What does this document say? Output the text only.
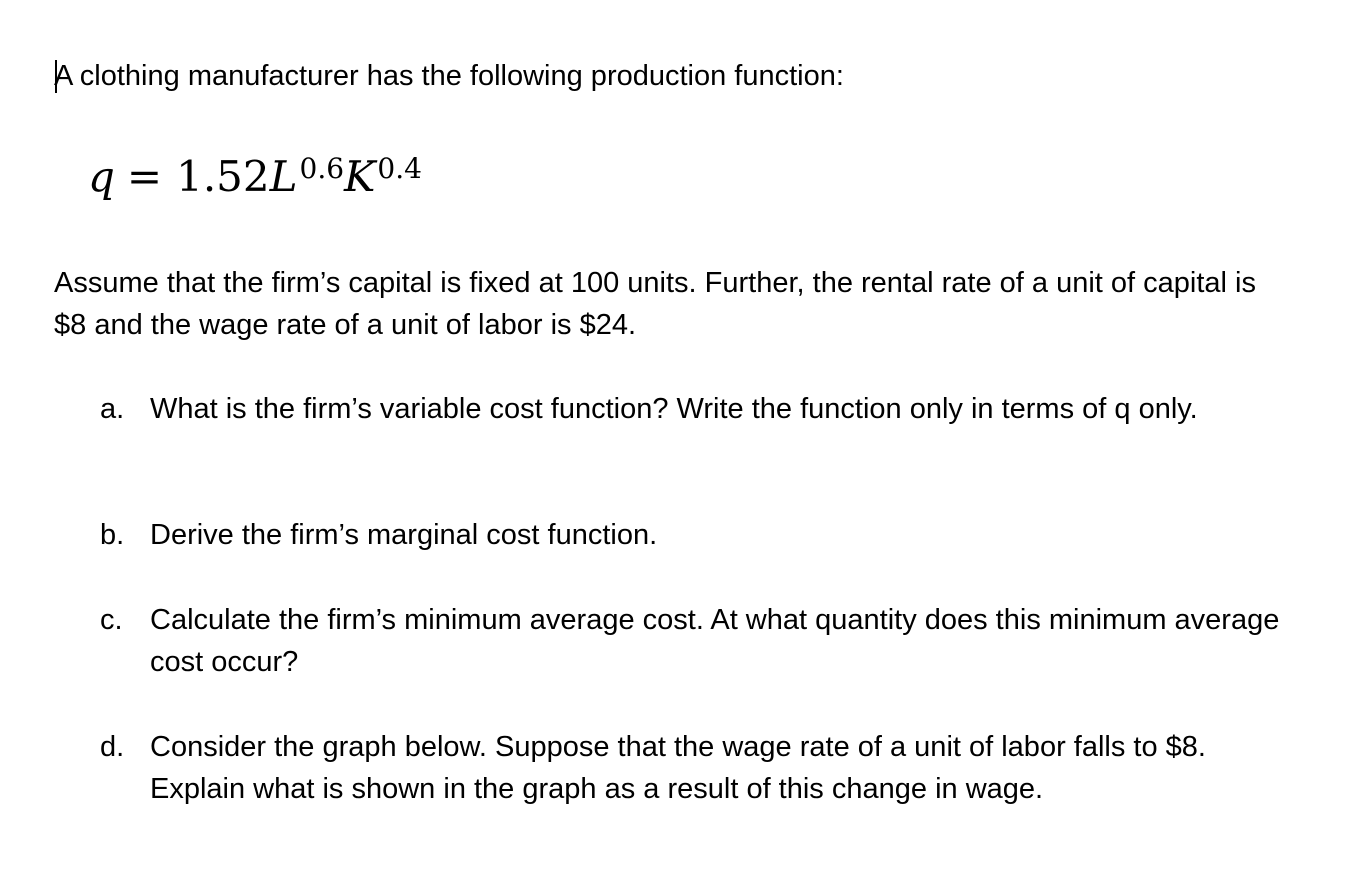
A clothing manufacturer has the following production function:
$q = 1.52L^{0.6}K^{0.4}$
Assume that the firm’s capital is fixed at 100 units. Further, the rental rate of a unit of capital is $8 and the wage rate of a unit of labor is $24.
a. What is the firm’s variable cost function? Write the function only in terms of q only.
b. Derive the firm’s marginal cost function.
c. Calculate the firm’s minimum average cost. At what quantity does this minimum average cost occur?
d. Consider the graph below. Suppose that the wage rate of a unit of labor falls to $8. Explain what is shown in the graph as a result of this change in wage.
